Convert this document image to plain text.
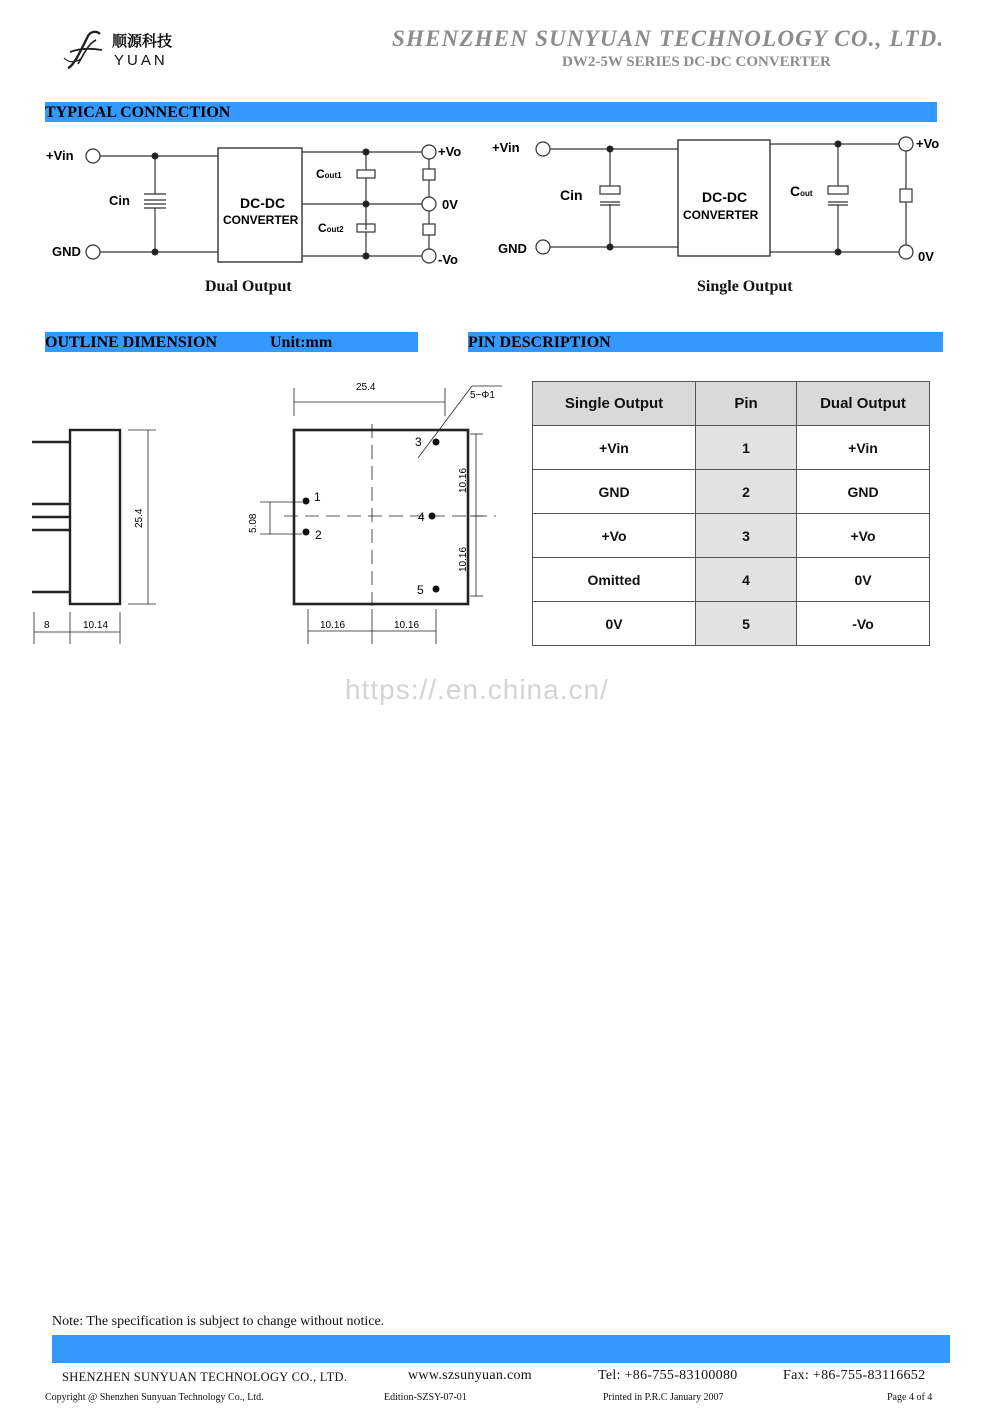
顺源科技
YUAN
SHENZHEN SUNYUAN TECHNOLOGY CO., LTD.
DW2-5W SERIES DC-DC CONVERTER
TYPICAL CONNECTION
+Vin
GND
Cin	DC-DC
CONVERTER
Cout1
Cout2
+Vo
0V
-Vo
Dual Output
+Vin
GND
Cin	DC-DC
CONVERTER
Cout
+Vo
0V
Single Output
OUTLINE DIMENSION	Unit:mm	PIN DESCRIPTION
25.4
8	10.14
25.4
5−Φ1
10.16
10.16
5.08
10.16	10.16
1
2
3
4
5
Single Output	Pin	Dual Output
+Vin	1	+Vin
GND	2	GND
+Vo	3	+Vo
Omitted	4	0V
0V	5	-Vo
https://.en.china.cn/
Note: The specification is subject to change without notice.
SHENZHEN SUNYUAN TECHNOLOGY CO., LTD.	www.szsunyuan.com	Tel: +86-755-83100080	Fax: +86-755-83116652
Copyright @ Shenzhen Sunyuan Technology Co., Ltd.	Edition-SZSY-07-01	Printed in P.R.C January 2007	Page 4 of 4
